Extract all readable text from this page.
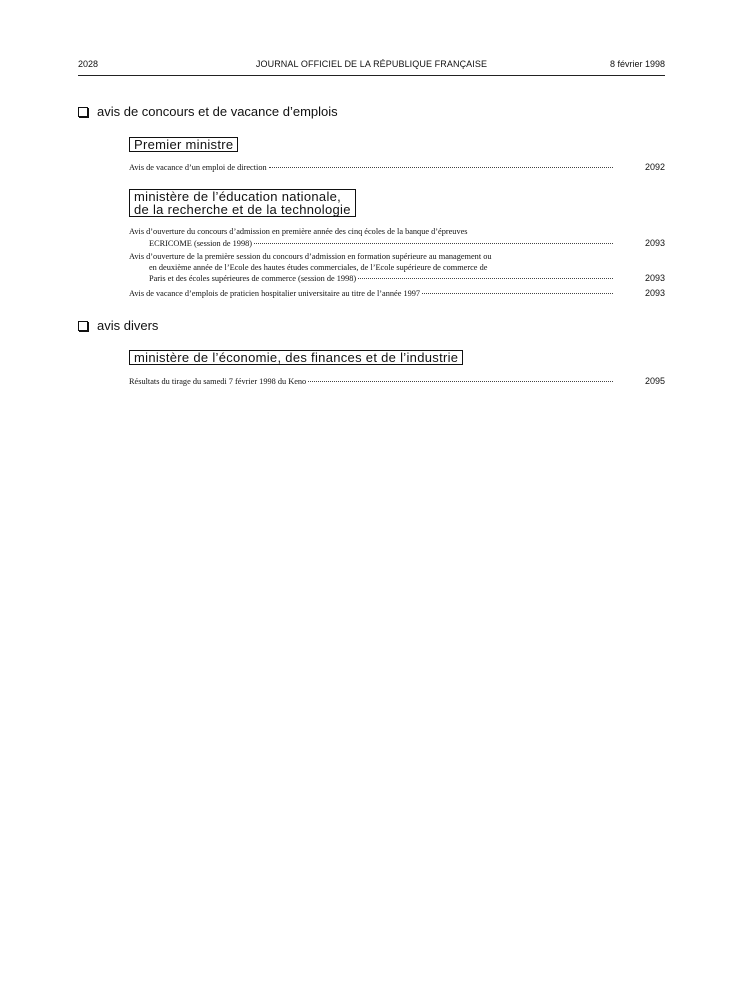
2028	JOURNAL OFFICIEL DE LA RÉPUBLIQUE FRANÇAISE	8 février 1998
avis de concours et de vacance d’emplois
Premier ministre
Avis de vacance d’un emploi de direction	2092
ministère de l’éducation nationale,
de la recherche et de la technologie
Avis d’ouverture du concours d’admission en première année des cinq écoles de la banque d’épreuves
ECRICOME (session de 1998)	2093
Avis d’ouverture de la première session du concours d’admission en formation supérieure au management ou
en deuxième année de l’Ecole des hautes études commerciales, de l’Ecole supérieure de commerce de
Paris et des écoles supérieures de commerce (session de 1998)	2093
Avis de vacance d’emplois de praticien hospitalier universitaire au titre de l’année 1997	2093
avis divers
ministère de l’économie, des finances et de l’industrie
Résultats du tirage du samedi 7 février 1998 du Keno	2095
